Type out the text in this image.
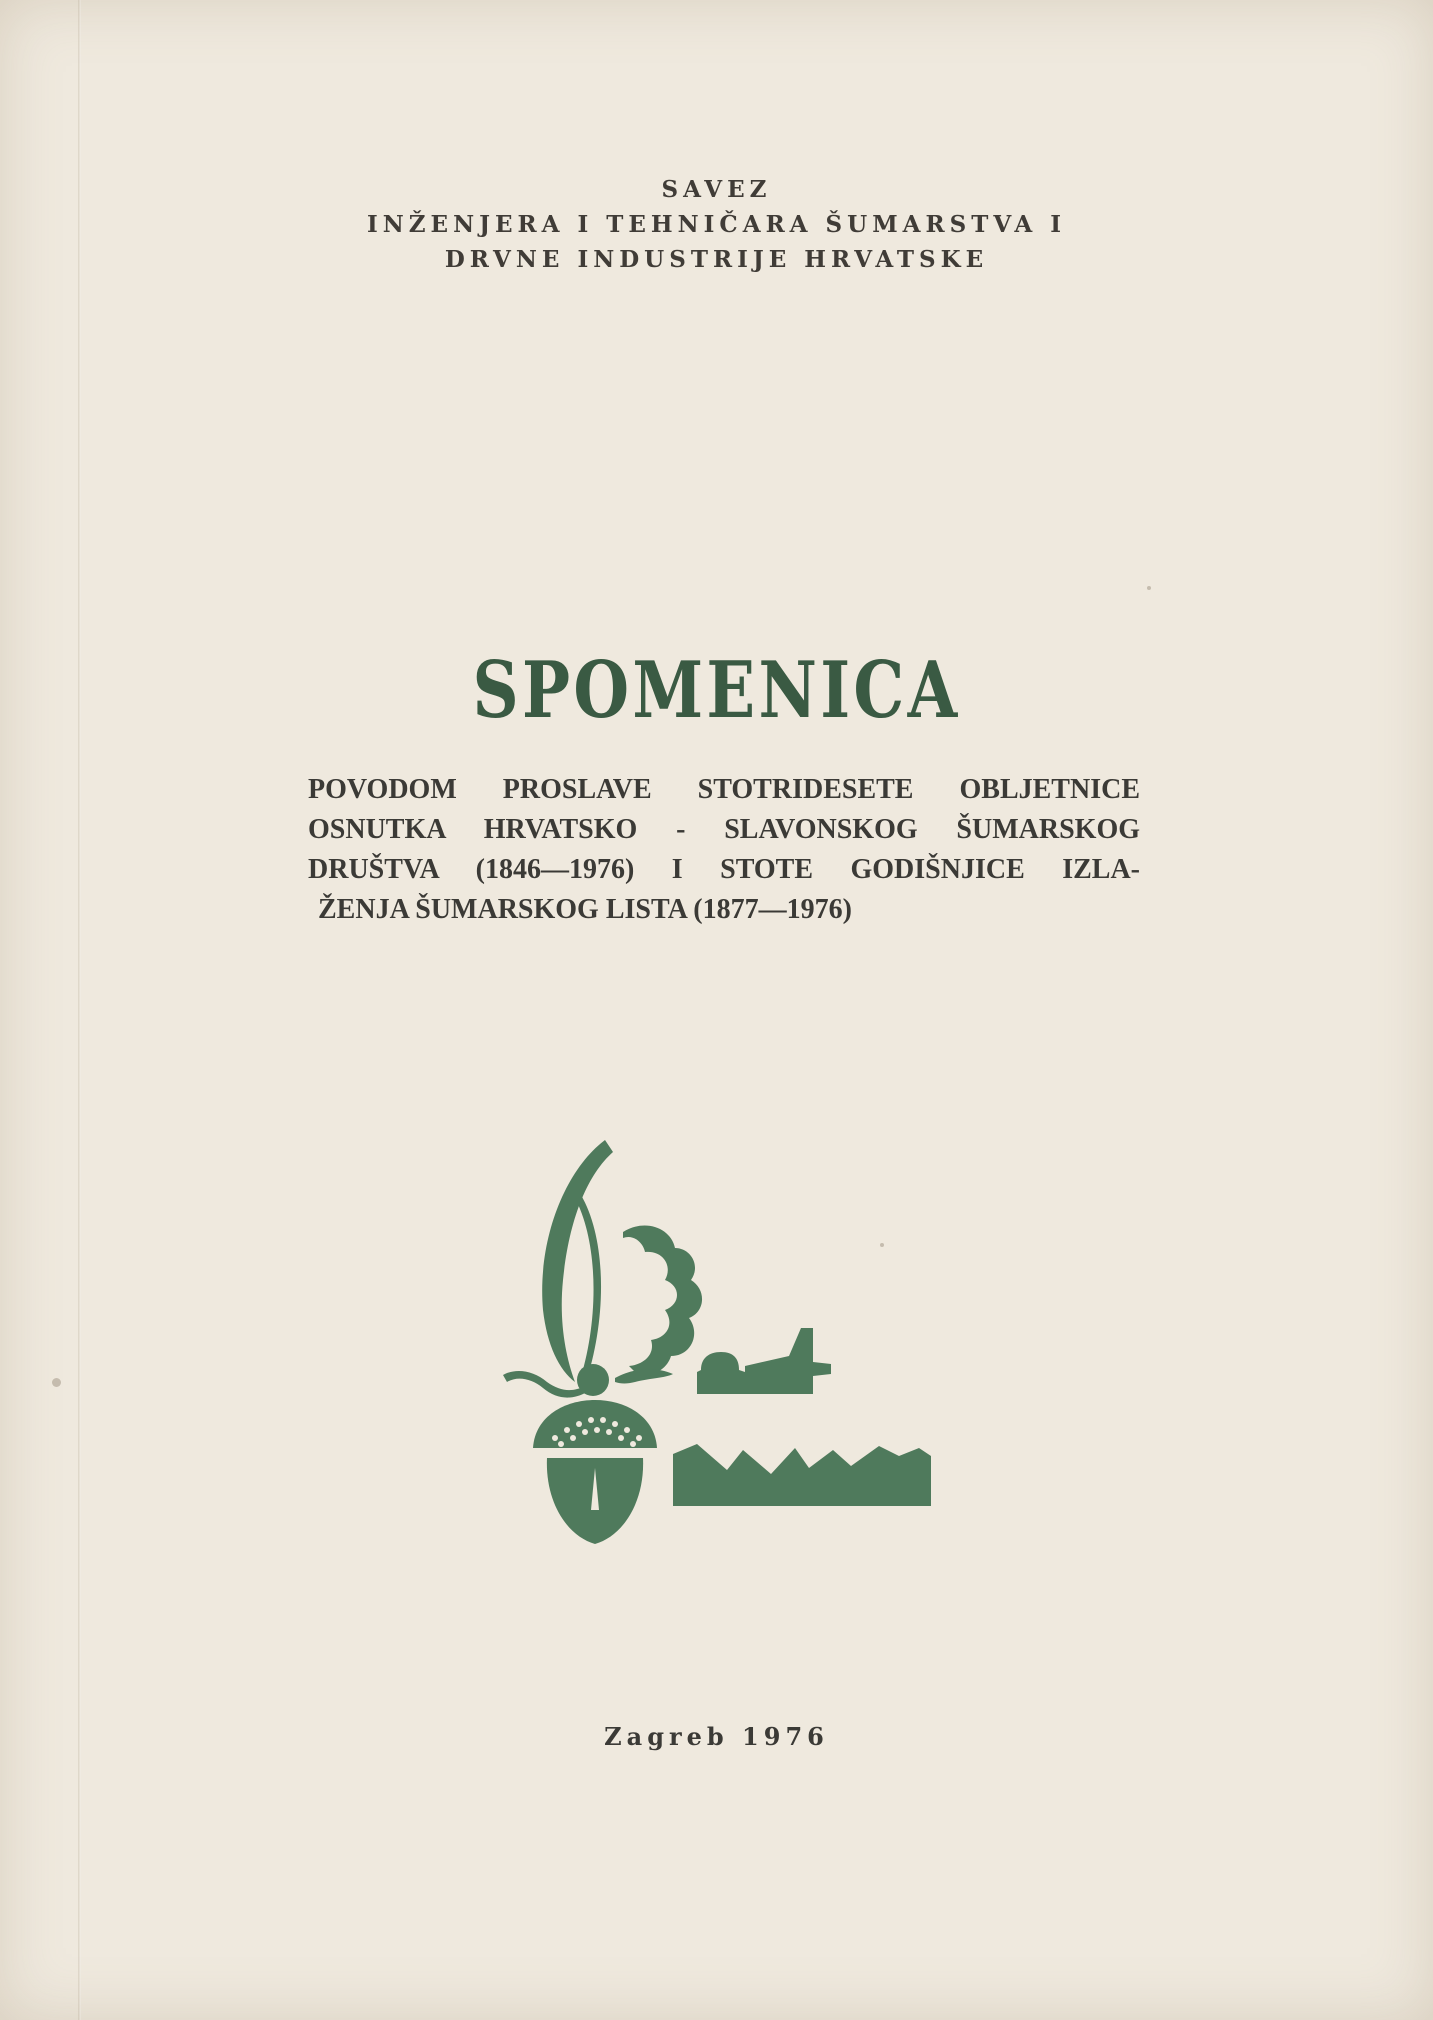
SAVEZ
INŽENJERA I TEHNIČARA ŠUMARSTVA I
DRVNE INDUSTRIJE HRVATSKE
SPOMENICA
POVODOM PROSLAVE STOTRIDESETE OBLJETNICE
OSNUTKA HRVATSKO - SLAVONSKOG ŠUMARSKOG
DRUŠTVA (1846—1976) I STOTE GODIŠNJICE IZLA-
ŽENJA ŠUMARSKOG LISTA (1877—1976)
Zagreb 1976
